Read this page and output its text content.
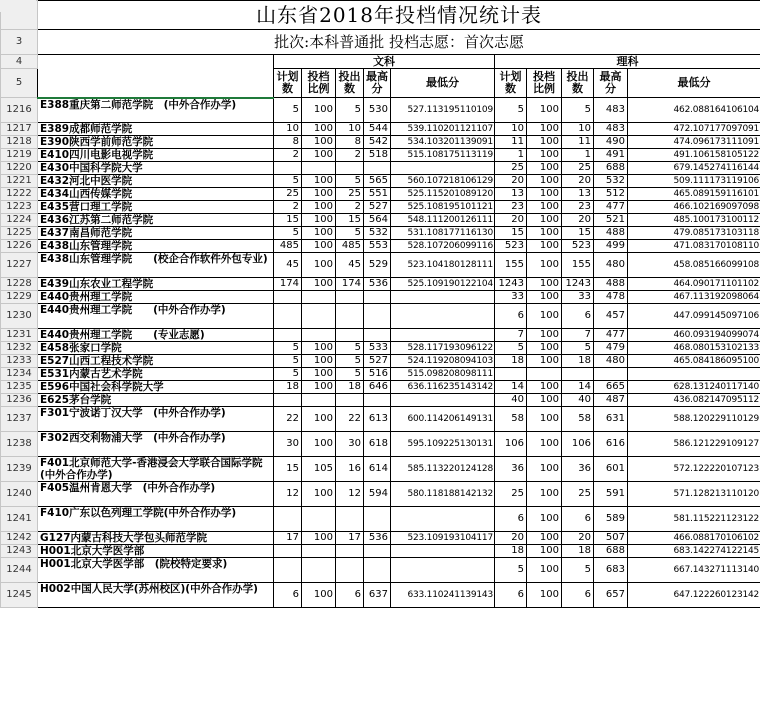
	山东省2018年投档情况统计表										
3	批次:本科普通批 投档志愿：首次志愿										
4		文科					理科				
5		计划数	投档比例	投出数	最高分	最低分	计划数	投档比例	投出数	最高分	最低分
1216	E388重庆第二师范学院　(中外合作办学)	5	100	5	530	527.113195110109	5	100	5	483	462.088164106104
1217	E389成都师范学院	10	100	10	544	539.110201121107	10	100	10	483	472.107177097091
1218	E390陕西学前师范学院	8	100	8	542	534.103201139091	11	100	11	490	474.096173111091
1219	E410四川电影电视学院	2	100	2	518	515.108175113119	1	100	1	491	491.106158105122
1220	E430中国科学院大学						25	100	25	688	679.145274116144
1221	E432河北中医学院	5	100	5	565	560.107218106129	20	100	20	532	509.111173119106
1222	E434山西传媒学院	25	100	25	551	525.115201089120	13	100	13	512	465.089159116101
1223	E435营口理工学院	2	100	2	527	525.108195101121	23	100	23	477	466.102169097098
1224	E436江苏第二师范学院	15	100	15	564	548.111200126111	20	100	20	521	485.100173100112
1225	E437南昌师范学院	5	100	5	532	531.108177116130	15	100	15	488	479.085173103118
1226	E438山东管理学院	485	100	485	553	528.107206099116	523	100	523	499	471.083170108110
1227	E438山东管理学院　　(校企合作软件外包专业)	45	100	45	529	523.104180128111	155	100	155	480	458.085166099108
1228	E439山东农业工程学院	174	100	174	536	525.109190122104	1243	100	1243	488	464.090171101102
1229	E440贵州理工学院						33	100	33	478	467.113192098064
1230	E440贵州理工学院　　(中外合作办学)						6	100	6	457	447.099145097106
1231	E440贵州理工学院　　(专业志愿)						7	100	7	477	460.093194099074
1232	E458张家口学院	5	100	5	533	528.117193096122	5	100	5	479	468.080153102133
1233	E527山西工程技术学院	5	100	5	527	524.119208094103	18	100	18	480	465.084186095100
1234	E531内蒙古艺术学院	5	100	5	516	515.098208098111					
1235	E596中国社会科学院大学	18	100	18	646	636.116235143142	14	100	14	665	628.131240117140
1236	E625茅台学院						40	100	40	487	436.082147095112
1237	F301宁波诺丁汉大学　(中外合作办学)	22	100	22	613	600.114206149131	58	100	58	631	588.120229110129
1238	F302西交利物浦大学　(中外合作办学)	30	100	30	618	595.109225130131	106	100	106	616	586.121229109127
1239	F401北京师范大学-香港浸会大学联合国际学院(中外合作办学)	15	105	16	614	585.113220124128	36	100	36	601	572.122220107123
1240	F405温州肯恩大学　(中外合作办学)	12	100	12	594	580.118188142132	25	100	25	591	571.128213110120
1241	F410广东以色列理工学院(中外合作办学)						6	100	6	589	581.115221123122
1242	G127内蒙古科技大学包头师范学院	17	100	17	536	523.109193104117	20	100	20	507	466.088170106102
1243	H001北京大学医学部						18	100	18	688	683.142274122145
1244	H001北京大学医学部　(院校特定要求)						5	100	5	683	667.143271113140
1245	H002中国人民大学(苏州校区)(中外合作办学)	6	100	6	637	633.110241139143	6	100	6	657	647.122260123142
